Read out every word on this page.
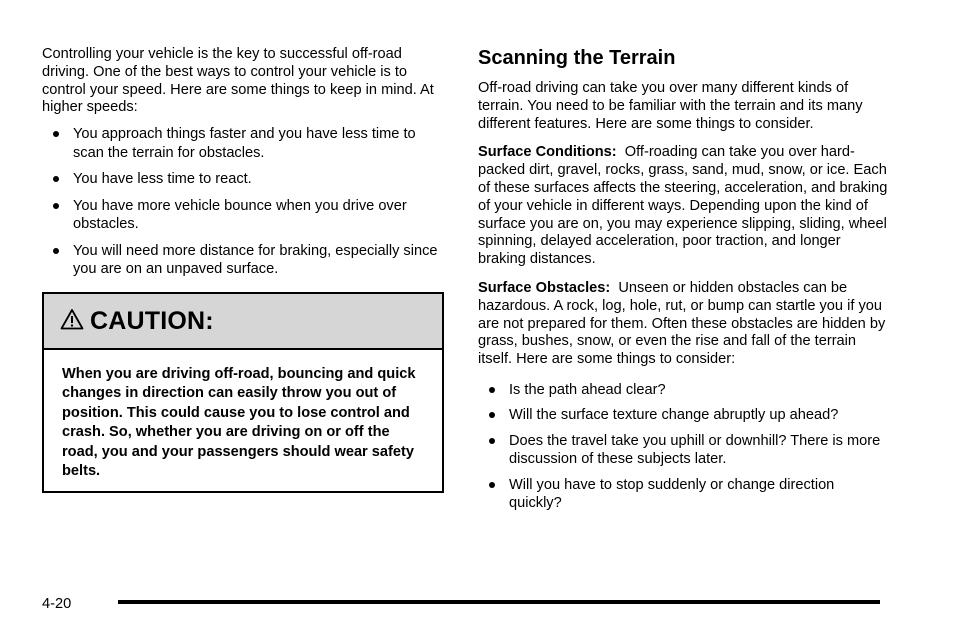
Controlling your vehicle is the key to successful off-road driving. One of the best ways to control your vehicle is to control your speed. Here are some things to keep in mind. At higher speeds:

You approach things faster and you have less time to scan the terrain for obstacles.
You have less time to react.
You have more vehicle bounce when you drive over obstacles.
You will need more distance for braking, especially since you are on an unpaved surface.
CAUTION:
When you are driving off-road, bouncing and quick changes in direction can easily throw you out of position. This could cause you to lose control and crash. So, whether you are driving on or off the road, you and your passengers should wear safety belts.
Scanning the Terrain

Off-road driving can take you over many different kinds of terrain. You need to be familiar with the terrain and its many different features. Here are some things to consider.

Surface Conditions: Off-roading can take you over hard-packed dirt, gravel, rocks, grass, sand, mud, snow, or ice. Each of these surfaces affects the steering, acceleration, and braking of your vehicle in different ways. Depending upon the kind of surface you are on, you may experience slipping, sliding, wheel spinning, delayed acceleration, poor traction, and longer braking distances.

Surface Obstacles: Unseen or hidden obstacles can be hazardous. A rock, log, hole, rut, or bump can startle you if you are not prepared for them. Often these obstacles are hidden by grass, bushes, snow, or even the rise and fall of the terrain itself. Here are some things to consider:

Is the path ahead clear?
Will the surface texture change abruptly up ahead?
Does the travel take you uphill or downhill? There is more discussion of these subjects later.
Will you have to stop suddenly or change direction quickly?
4-20
